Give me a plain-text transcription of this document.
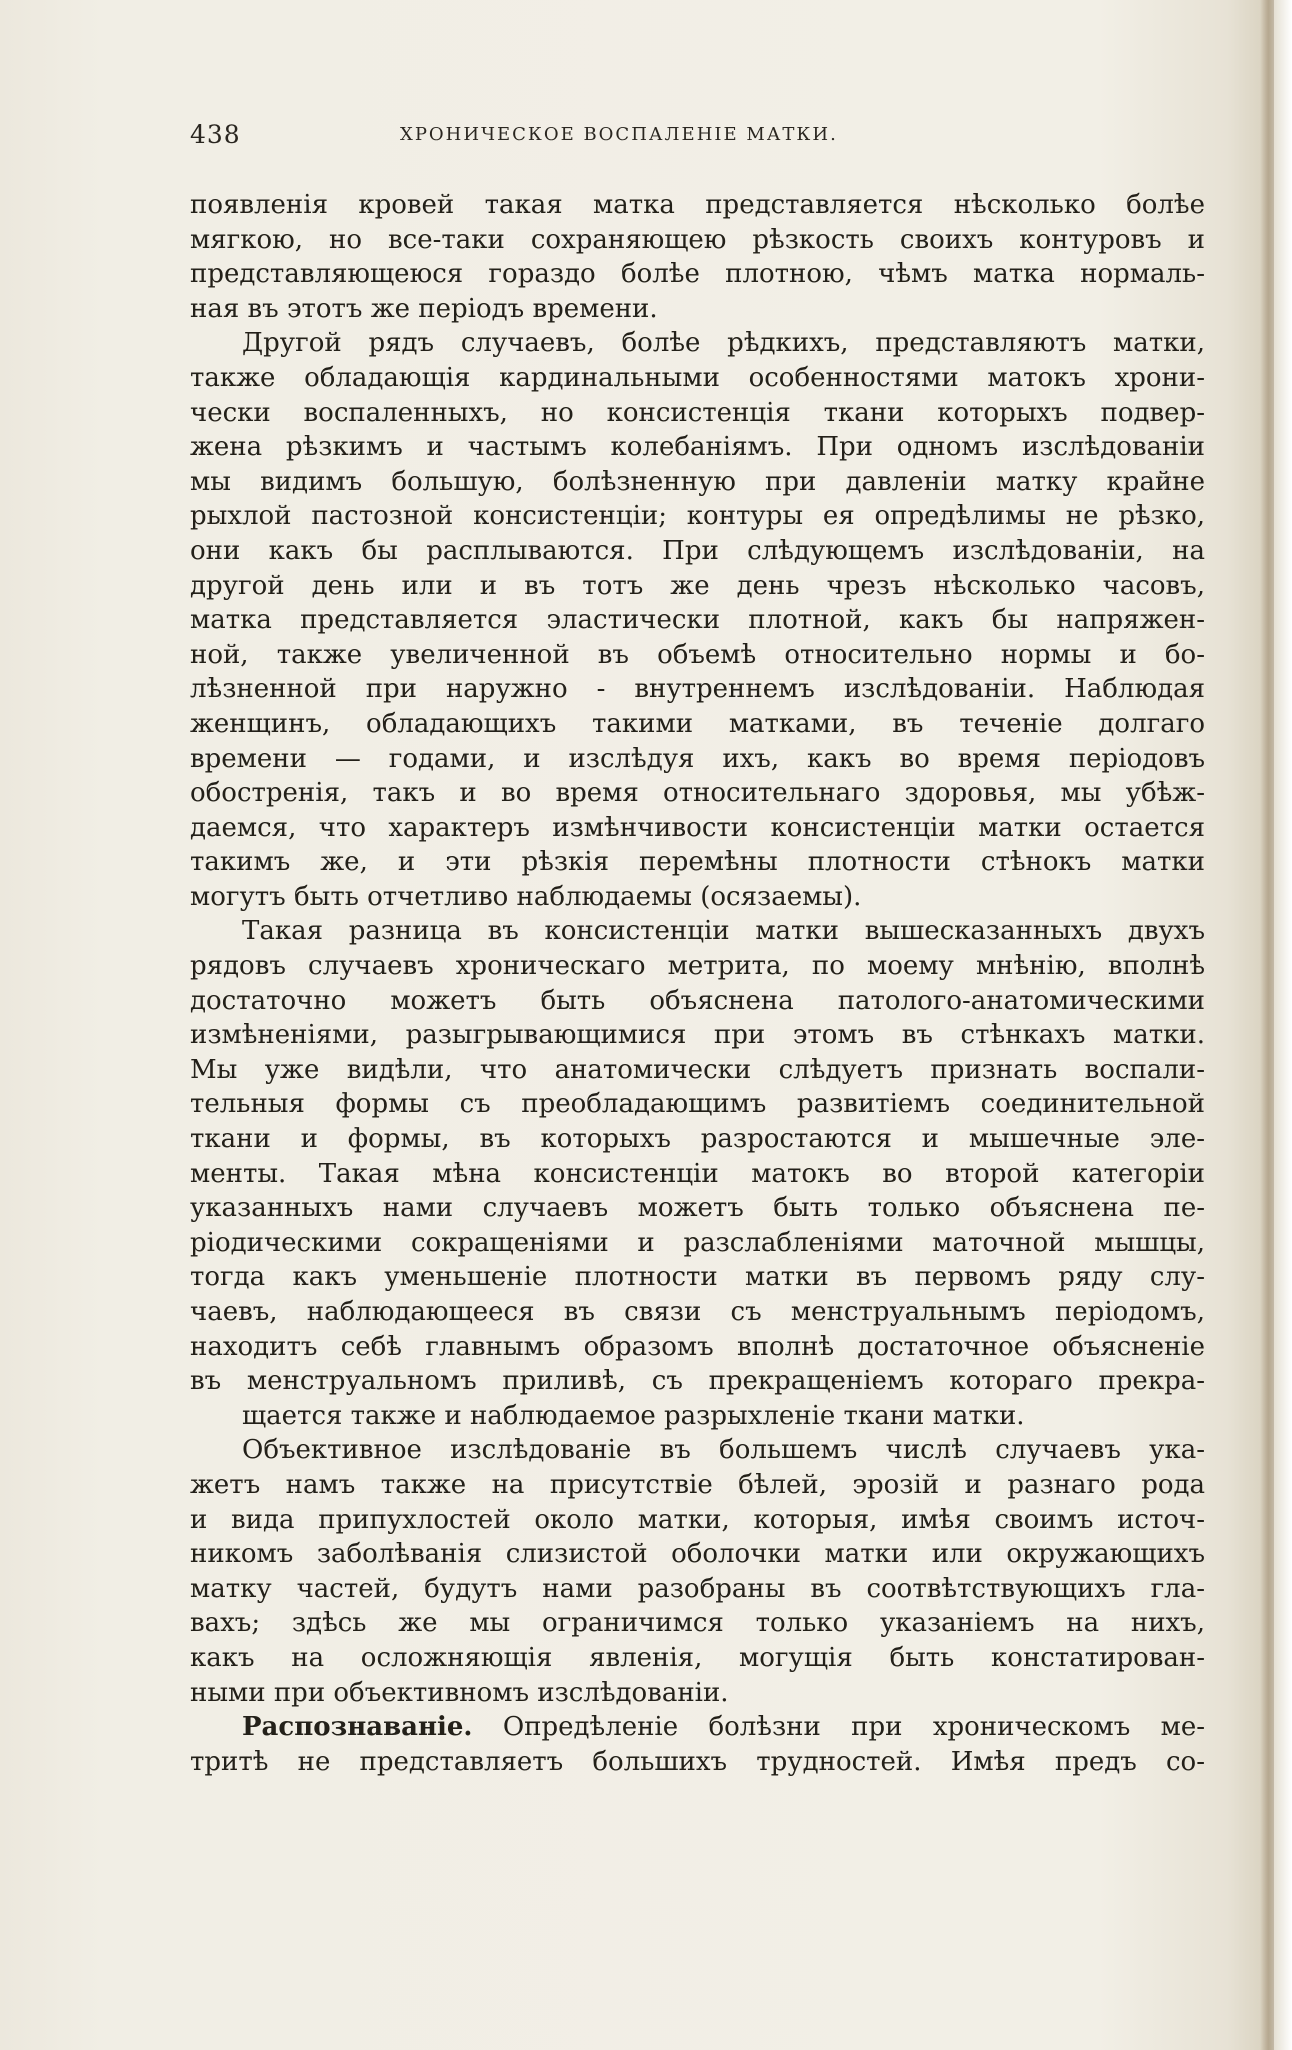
438	ХРОНИЧЕСКОЕ ВОСПАЛЕНІЕ МАТКИ.
появленія кровей такая матка представляется нѣсколько болѣе
мягкою, но все-таки сохраняющею рѣзкость своихъ контуровъ и
представляющеюся гораздо болѣе плотною, чѣмъ матка нормаль-
ная въ этотъ же періодъ времени.
Другой рядъ случаевъ, болѣе рѣдкихъ, представляютъ матки,
также обладающія кардинальными особенностями матокъ хрони-
чески воспаленныхъ, но консистенція ткани которыхъ подвер-
жена рѣзкимъ и частымъ колебаніямъ. При одномъ изслѣдованіи
мы видимъ большую, болѣзненную при давленіи матку крайне
рыхлой пастозной консистенціи; контуры ея опредѣлимы не рѣзко,
они какъ бы расплываются. При слѣдующемъ изслѣдованіи, на
другой день или и въ тотъ же день чрезъ нѣсколько часовъ,
матка представляется эластически плотной, какъ бы напряжен-
ной, также увеличенной въ объемѣ относительно нормы и бо-
лѣзненной при наружно - внутреннемъ изслѣдованіи. Наблюдая
женщинъ, обладающихъ такими матками, въ теченіе долгаго
времени — годами, и изслѣдуя ихъ, какъ во время періодовъ
обостренія, такъ и во время относительнаго здоровья, мы убѣж-
даемся, что характеръ измѣнчивости консистенціи матки остается
такимъ же, и эти рѣзкія перемѣны плотности стѣнокъ матки
могутъ быть отчетливо наблюдаемы (осязаемы).
Такая разница въ консистенціи матки вышесказанныхъ двухъ
рядовъ случаевъ хроническаго метрита, по моему мнѣнію, вполнѣ
достаточно можетъ быть объяснена патолого-анатомическими
измѣненіями, разыгрывающимися при этомъ въ стѣнкахъ матки.
Мы уже видѣли, что анатомически слѣдуетъ признать воспали-
тельныя формы съ преобладающимъ развитіемъ соединительной
ткани и формы, въ которыхъ разростаются и мышечные эле-
менты. Такая мѣна консистенціи матокъ во второй категоріи
указанныхъ нами случаевъ можетъ быть только объяснена пе-
ріодическими сокращеніями и разслабленіями маточной мышцы,
тогда какъ уменьшеніе плотности матки въ первомъ ряду слу-
чаевъ, наблюдающееся въ связи съ менструальнымъ періодомъ,
находитъ себѣ главнымъ образомъ вполнѣ достаточное объясненіе
въ менструальномъ приливѣ, съ прекращеніемъ котораго прекра-
щается также и наблюдаемое разрыхленіе ткани матки.
Объективное изслѣдованіе въ большемъ числѣ случаевъ ука-
жетъ намъ также на присутствіе бѣлей, эрозій и разнаго рода
и вида припухлостей около матки, которыя, имѣя своимъ источ-
никомъ заболѣванія слизистой оболочки матки или окружающихъ
матку частей, будутъ нами разобраны въ соотвѣтствующихъ гла-
вахъ; здѣсь же мы ограничимся только указаніемъ на нихъ,
какъ на осложняющія явленія, могущія быть констатирован-
ными при объективномъ изслѣдованіи.
Распознаваніе. Опредѣленіе болѣзни при хроническомъ ме-
тритѣ не представляетъ большихъ трудностей. Имѣя предъ со-
